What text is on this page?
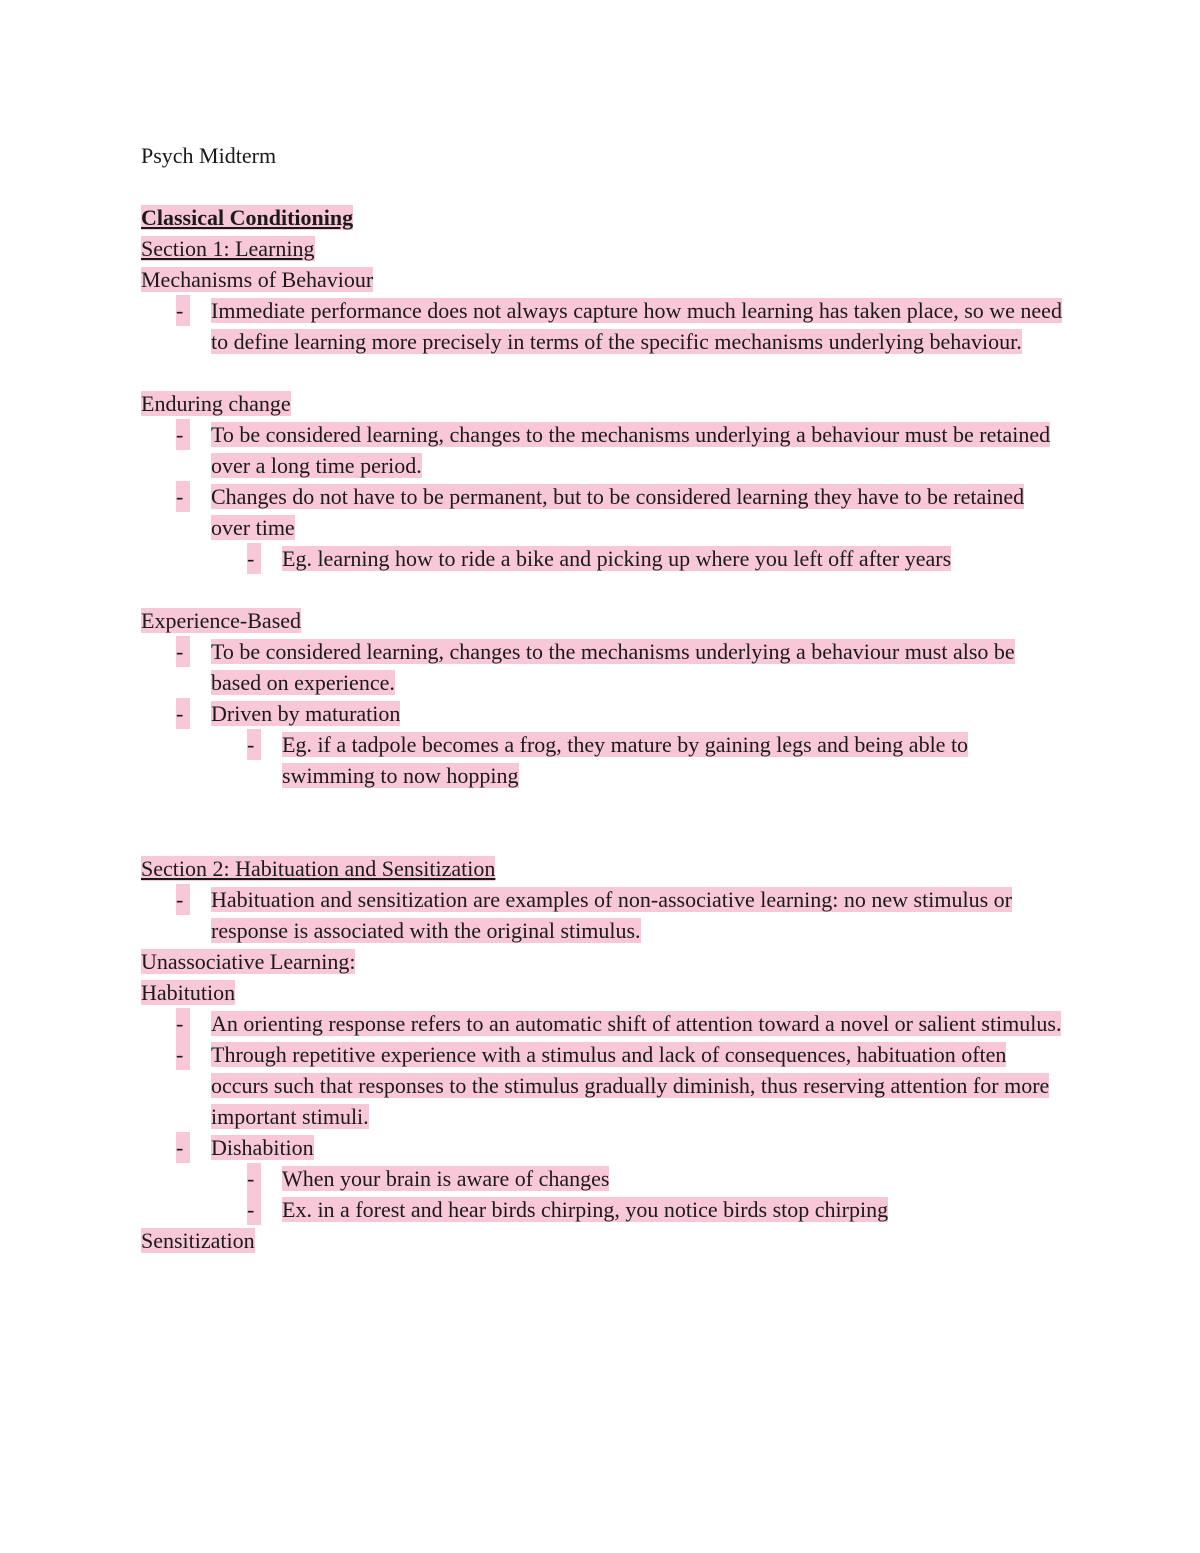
Psych Midterm

Classical Conditioning

Section 1: Learning

Mechanisms of Behaviour

-	Immediate performance does not always capture how much learning has taken place, so we need to define learning more precisely in terms of the specific mechanisms underlying behaviour.

Enduring change

-	To be considered learning, changes to the mechanisms underlying a behaviour must be retained over a long time period.

-	Changes do not have to be permanent, but to be considered learning they have to be retained over time

-	Eg. learning how to ride a bike and picking up where you left off after years

Experience-Based

-	To be considered learning, changes to the mechanisms underlying a behaviour must also be based on experience.

-	Driven by maturation

-	Eg. if a tadpole becomes a frog, they mature by gaining legs and being able to swimming to now hopping

Section 2: Habituation and Sensitization

-	Habituation and sensitization are examples of non-associative learning: no new stimulus or response is associated with the original stimulus.

Unassociative Learning:

Habitution

-	An orienting response refers to an automatic shift of attention toward a novel or salient stimulus.

-	Through repetitive experience with a stimulus and lack of consequences, habituation often occurs such that responses to the stimulus gradually diminish, thus reserving attention for more important stimuli.

-	Dishabition

-	When your brain is aware of changes

-	Ex. in a forest and hear birds chirping, you notice birds stop chirping

Sensitization
